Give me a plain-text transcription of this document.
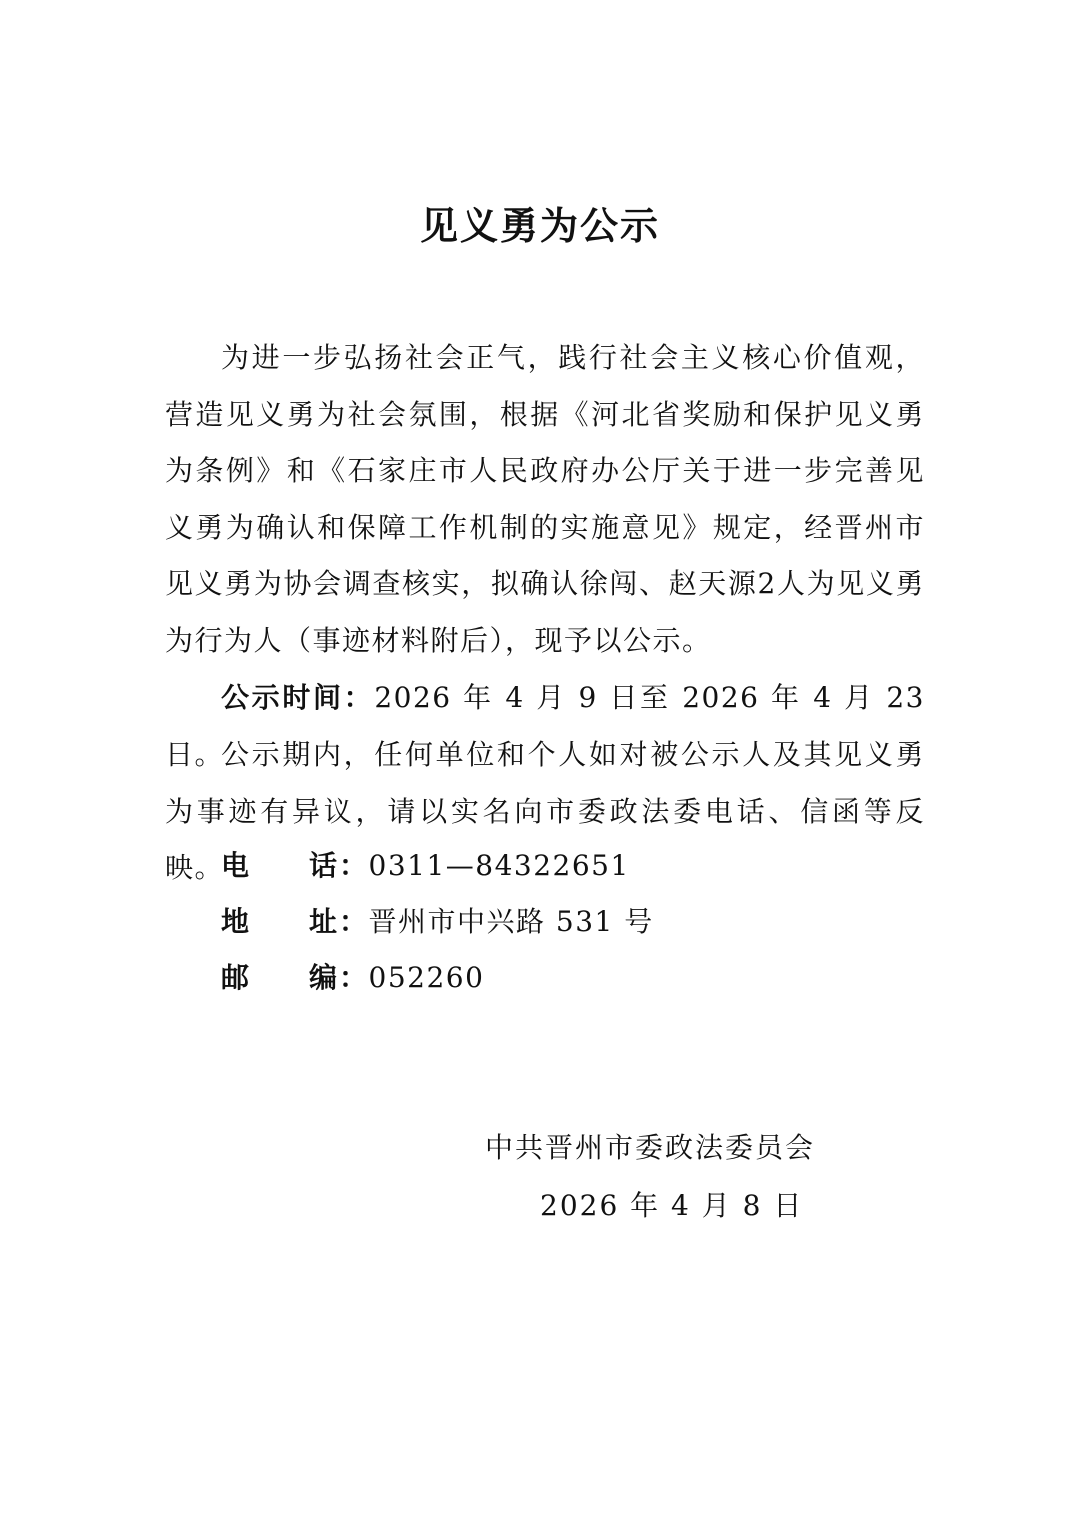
见义勇为公示

为进一步弘扬社会正气，践行社会主义核心价值观，营造见义勇为社会氛围，根据《河北省奖励和保护见义勇为条例》和《石家庄市人民政府办公厅关于进一步完善见义勇为确认和保障工作机制的实施意见》规定，经晋州市见义勇为协会调查核实，拟确认徐闯、赵天源2人为见义勇为行为人（事迹材料附后），现予以公示。

公示时间：2026 年 4 月 9 日至 2026 年 4 月 23 日。

公示期内，任何单位和个人如对被公示人及其见义勇为事迹有异议，请以实名向市委政法委电话、信函等反映。

电 话：0311—84322651
地 址：晋州市中兴路 531 号
邮 编：052260
中共晋州市委政法委员会
2026 年 4 月 8 日
